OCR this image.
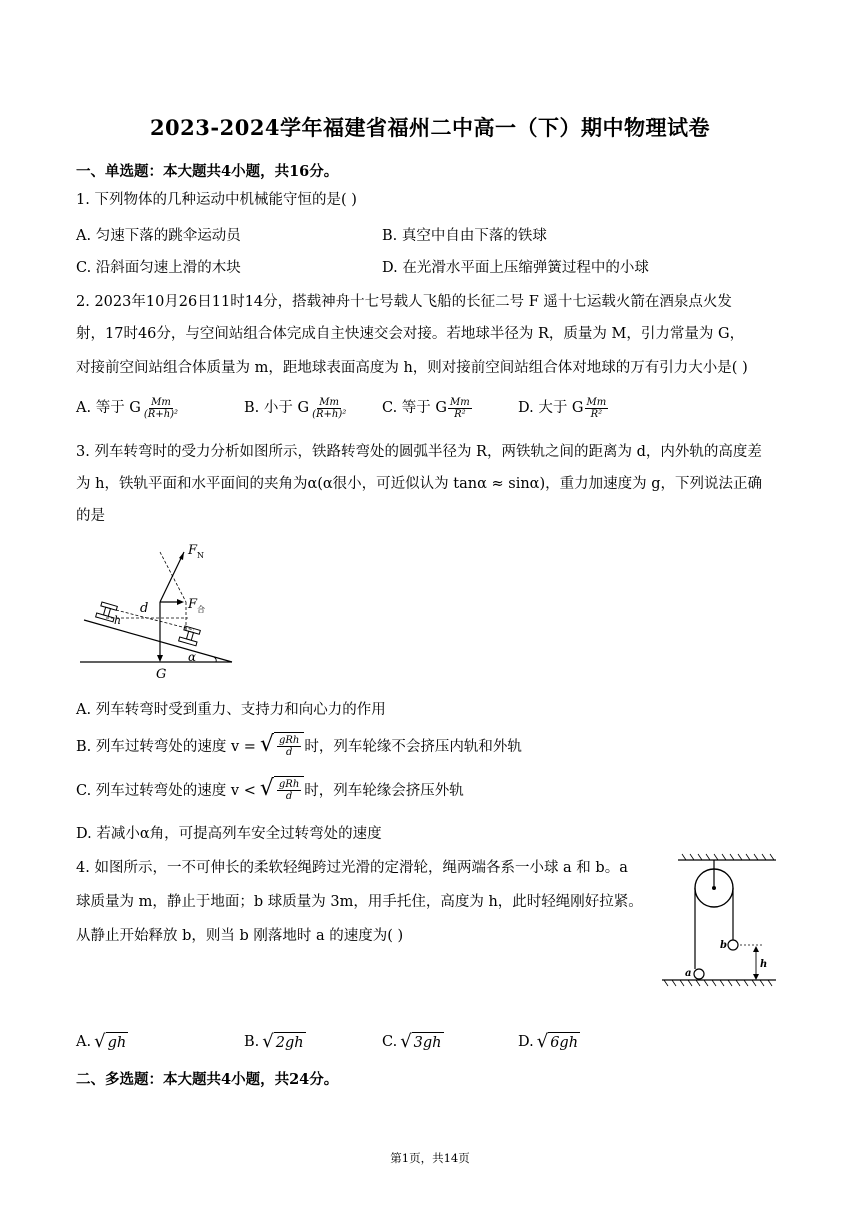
2023-2024学年福建省福州二中高一（下）期中物理试卷
一、单选题：本大题共4小题，共16分。
1. 下列物体的几种运动中机械能守恒的是( )
A. 匀速下落的跳伞运动员	B. 真空中自由下落的铁球
C. 沿斜面匀速上滑的木块	D. 在光滑水平面上压缩弹簧过程中的小球
2. 2023年10月26日11时14分，搭载神舟十七号载人飞船的长征二号 F 遥十七运载火箭在酒泉点火发
射，17时46分，与空间站组合体完成自主快速交会对接。若地球半径为 R，质量为 M，引力常量为 G，
对接前空间站组合体质量为 m，距地球表面高度为 h，则对接前空间站组合体对地球的万有引力大小是( )
A. 等于 G $\frac{Mm}{\text{(R+h)²}}$	B. 小于 G $\frac{Mm}{\text{(R+h)²}} C$. 等于 G $\frac{Mm}{\text{R²}}$	D. 大于 G $\frac{Mm}{\text{R²}}$
3. 列车转弯时的受力分析如图所示，铁路转弯处的圆弧半径为 R，两铁轨之间的距离为 d，内外轨的高度差
为 h，铁轨平面和水平面间的夹角为α(α很小，可近似认为 tanα ≈ sinα)，重力加速度为 g，下列说法正确
的是
F N
F 合
d
h
α
G
A. 列车转弯时受到重力、支持力和向心力的作用
B. 列车过转弯处的速度 v = √ $\frac{\text{gRh}}{d}$ 时，列车轮缘不会挤压内轨和外轨
C. 列车过转弯处的速度 v < √ $\frac{\text{gRh}}{d}$ 时，列车轮缘会挤压外轨
D. 若减小α角，可提高列车安全过转弯处的速度
4. 如图所示，一不可伸长的柔软轻绳跨过光滑的定滑轮，绳两端各系一小球 a 和 b。a
球质量为 m，静止于地面；b 球质量为 3m，用手托住，高度为 h，此时轻绳刚好拉紧。
从静止开始释放 b，则当 b 刚落地时 a 的速度为( )
a
b
h
A. √ gh	B. √ 2gh	C. √ 3gh	D. √ 6gh
二、多选题：本大题共4小题，共24分。
第1页，共14页
